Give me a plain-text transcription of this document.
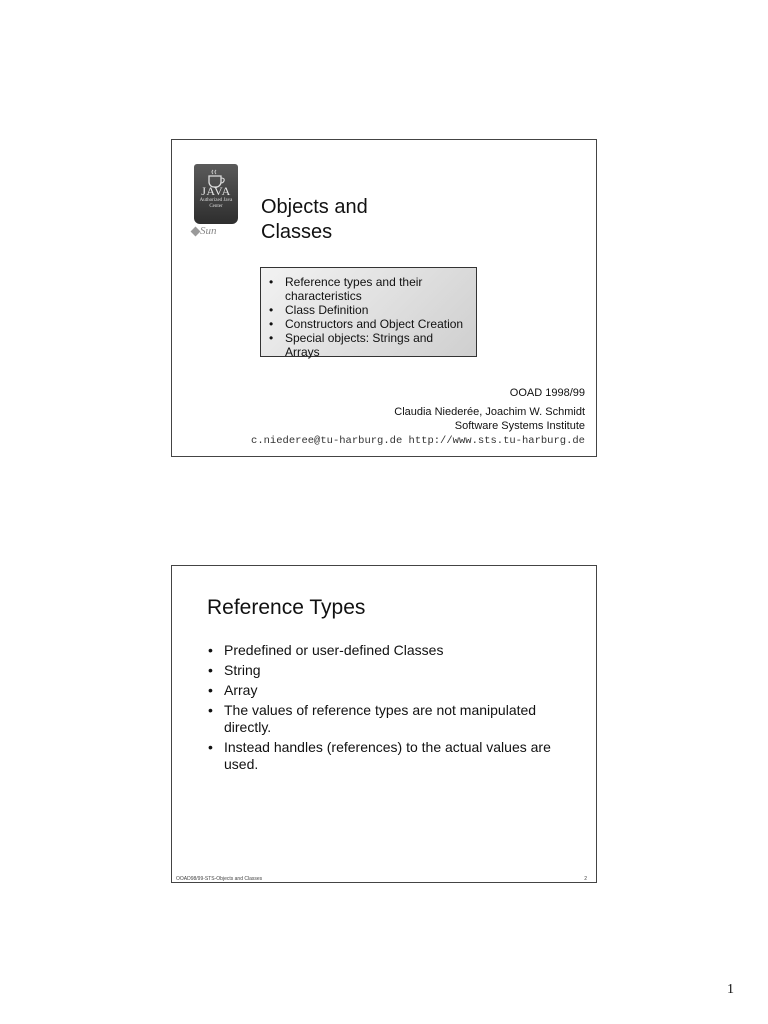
JAVA
Authorized Java Center
Sun
Objects and
Classes
• Reference types and their characteristics
• Class Definition
• Constructors and Object Creation
• Special objects: Strings and Arrays
OOAD 1998/99
Claudia Niederée, Joachim W. Schmidt
Software Systems Institute
c.niederee@tu-harburg.de http://www.sts.tu-harburg.de
Reference Types
• Predefined or user-defined Classes
• String
• Array
• The values of reference types are not manipulated directly.
• Instead handles (references) to the actual values are used.
OOAD98/99-STS-Objects and Classes	2
1
